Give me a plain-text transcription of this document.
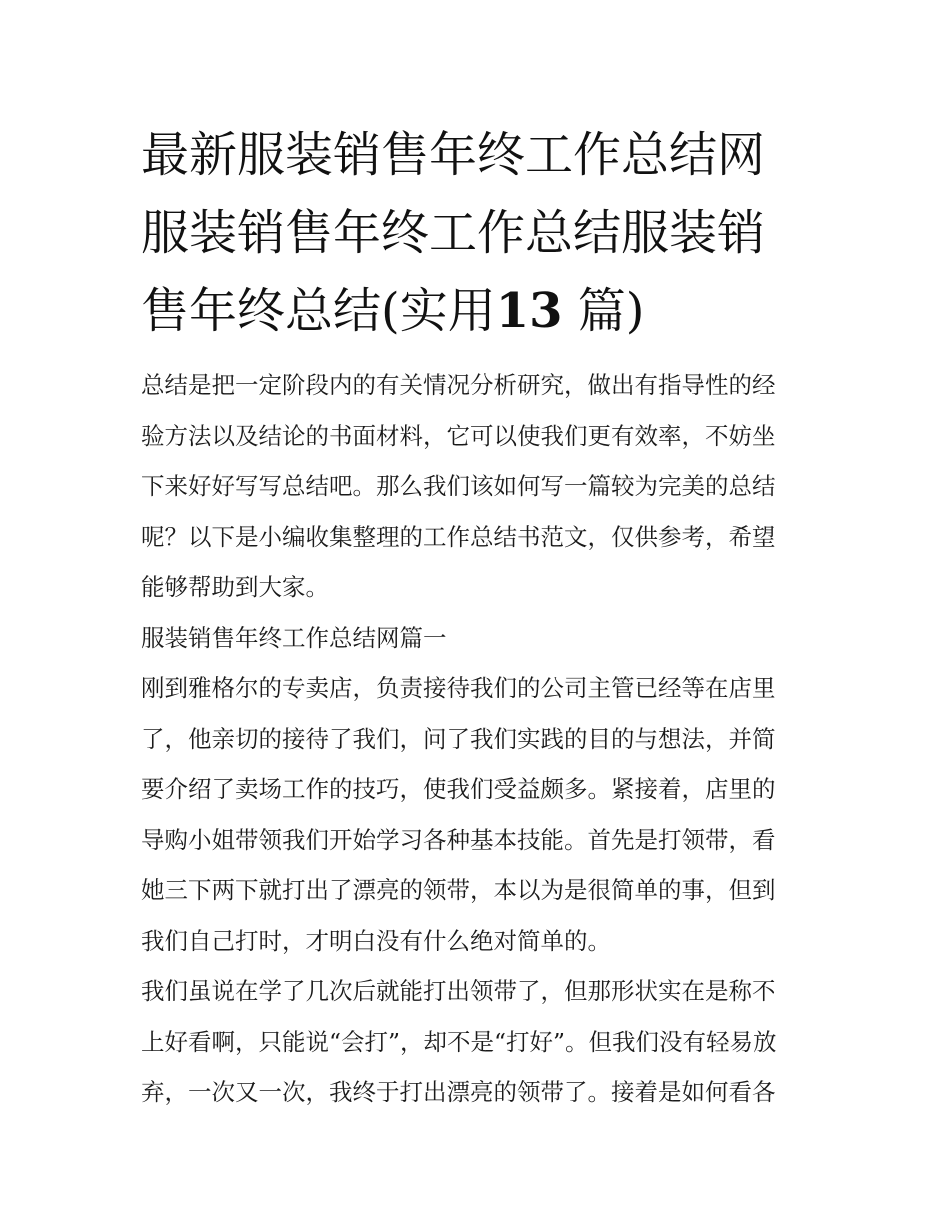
最新服装销售年终工作总结网
服装销售年终工作总结服装销
售年终总结(实用13 篇)

总结是把一定阶段内的有关情况分析研究，做出有指导性的经
验方法以及结论的书面材料，它可以使我们更有效率，不妨坐
下来好好写写总结吧。那么我们该如何写一篇较为完美的总结
呢？以下是小编收集整理的工作总结书范文，仅供参考，希望
能够帮助到大家。

服装销售年终工作总结网篇一

刚到雅格尔的专卖店，负责接待我们的公司主管已经等在店里
了，他亲切的接待了我们，问了我们实践的目的与想法，并简
要介绍了卖场工作的技巧，使我们受益颇多。紧接着，店里的
导购小姐带领我们开始学习各种基本技能。首先是打领带，看
她三下两下就打出了漂亮的领带，本以为是很简单的事，但到
我们自己打时，才明白没有什么绝对简单的。

我们虽说在学了几次后就能打出领带了，但那形状实在是称不
上好看啊，只能说“会打”，却不是“打好”。但我们没有轻易放
弃，一次又一次，我终于打出漂亮的领带了。接着是如何看各
